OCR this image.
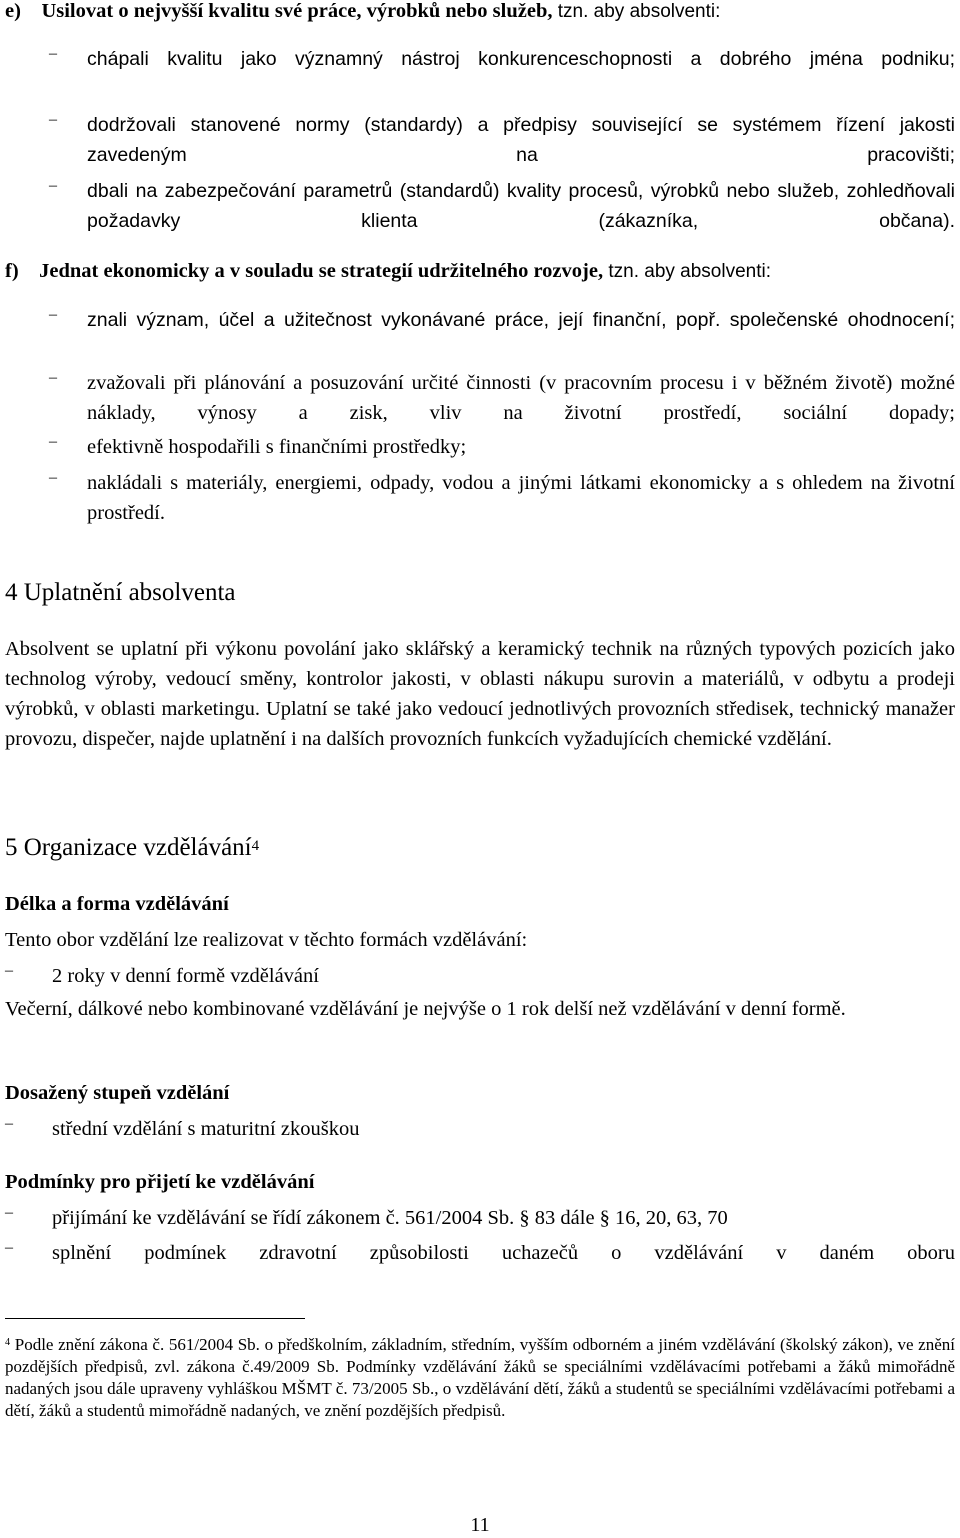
e) Usilovat o nejvyšší kvalitu své práce, výrobků nebo služeb, tzn. aby absolventi:
–
chápali kvalitu jako významný nástroj konkurenceschopnosti a dobrého jména podniku;
–
dodržovali stanovené normy (standardy) a předpisy související se systémem řízení jakosti zavedeným na pracovišti;
–
dbali na zabezpečování parametrů (standardů) kvality procesů, výrobků nebo služeb, zohledňovali požadavky klienta (zákazníka, občana).
f) Jednat ekonomicky a v souladu se strategií udržitelného rozvoje, tzn. aby absolventi:
–
znali význam, účel a užitečnost vykonávané práce, její finanční, popř. společenské ohodnocení;
–
zvažovali při plánování a posuzování určité činnosti (v pracovním procesu i v běžném životě) možné náklady, výnosy a zisk, vliv na životní prostředí, sociální dopady;
–
efektivně hospodařili s finančními prostředky;
–
nakládali s materiály, energiemi, odpady, vodou a jinými látkami ekonomicky a s ohledem na životní prostředí.
4 Uplatnění absolventa
Absolvent se uplatní při výkonu povolání jako sklářský a keramický technik na různých typových pozicích jako technolog výroby, vedoucí směny, kontrolor jakosti, v oblasti nákupu surovin a materiálů, v odbytu a prodeji výrobků, v oblasti marketingu. Uplatní se také jako vedoucí jednotlivých provozních středisek, technický manažer provozu, dispečer, najde uplatnění i na dalších provozních funkcích vyžadujících chemické vzdělání.
5 Organizace vzdělávání$^4$
Délka a forma vzdělávání
Tento obor vzdělání lze realizovat v těchto formách vzdělávání:
–
2 roky v denní formě vzdělávání
Večerní, dálkové nebo kombinované vzdělávání je nejvýše o 1 rok delší než vzdělávání v denní formě.
Dosažený stupeň vzdělání
–
střední vzdělání s maturitní zkouškou
Podmínky pro přijetí ke vzdělávání
–
přijímání ke vzdělávání se řídí zákonem č. 561/2004 Sb. § 83 dále § 16, 20, 63, 70
–
splnění podmínek zdravotní způsobilosti uchazečů o vzdělávání v daném oboru
$^4$ Podle znění zákona č. 561/2004 Sb. o předškolním, základním, středním, vyšším odborném a jiném vzdělávání (školský zákon), ve znění pozdějších předpisů, zvl. zákona č.49/2009 Sb. Podmínky vzdělávání žáků se speciálními vzdělávacími potřebami a žáků mimořádně nadaných jsou dále upraveny vyhláškou MŠMT č. 73/2005 Sb., o vzdělávání dětí, žáků a studentů se speciálními vzdělávacími potřebami a dětí, žáků a studentů mimořádně nadaných, ve znění pozdějších předpisů.
11
